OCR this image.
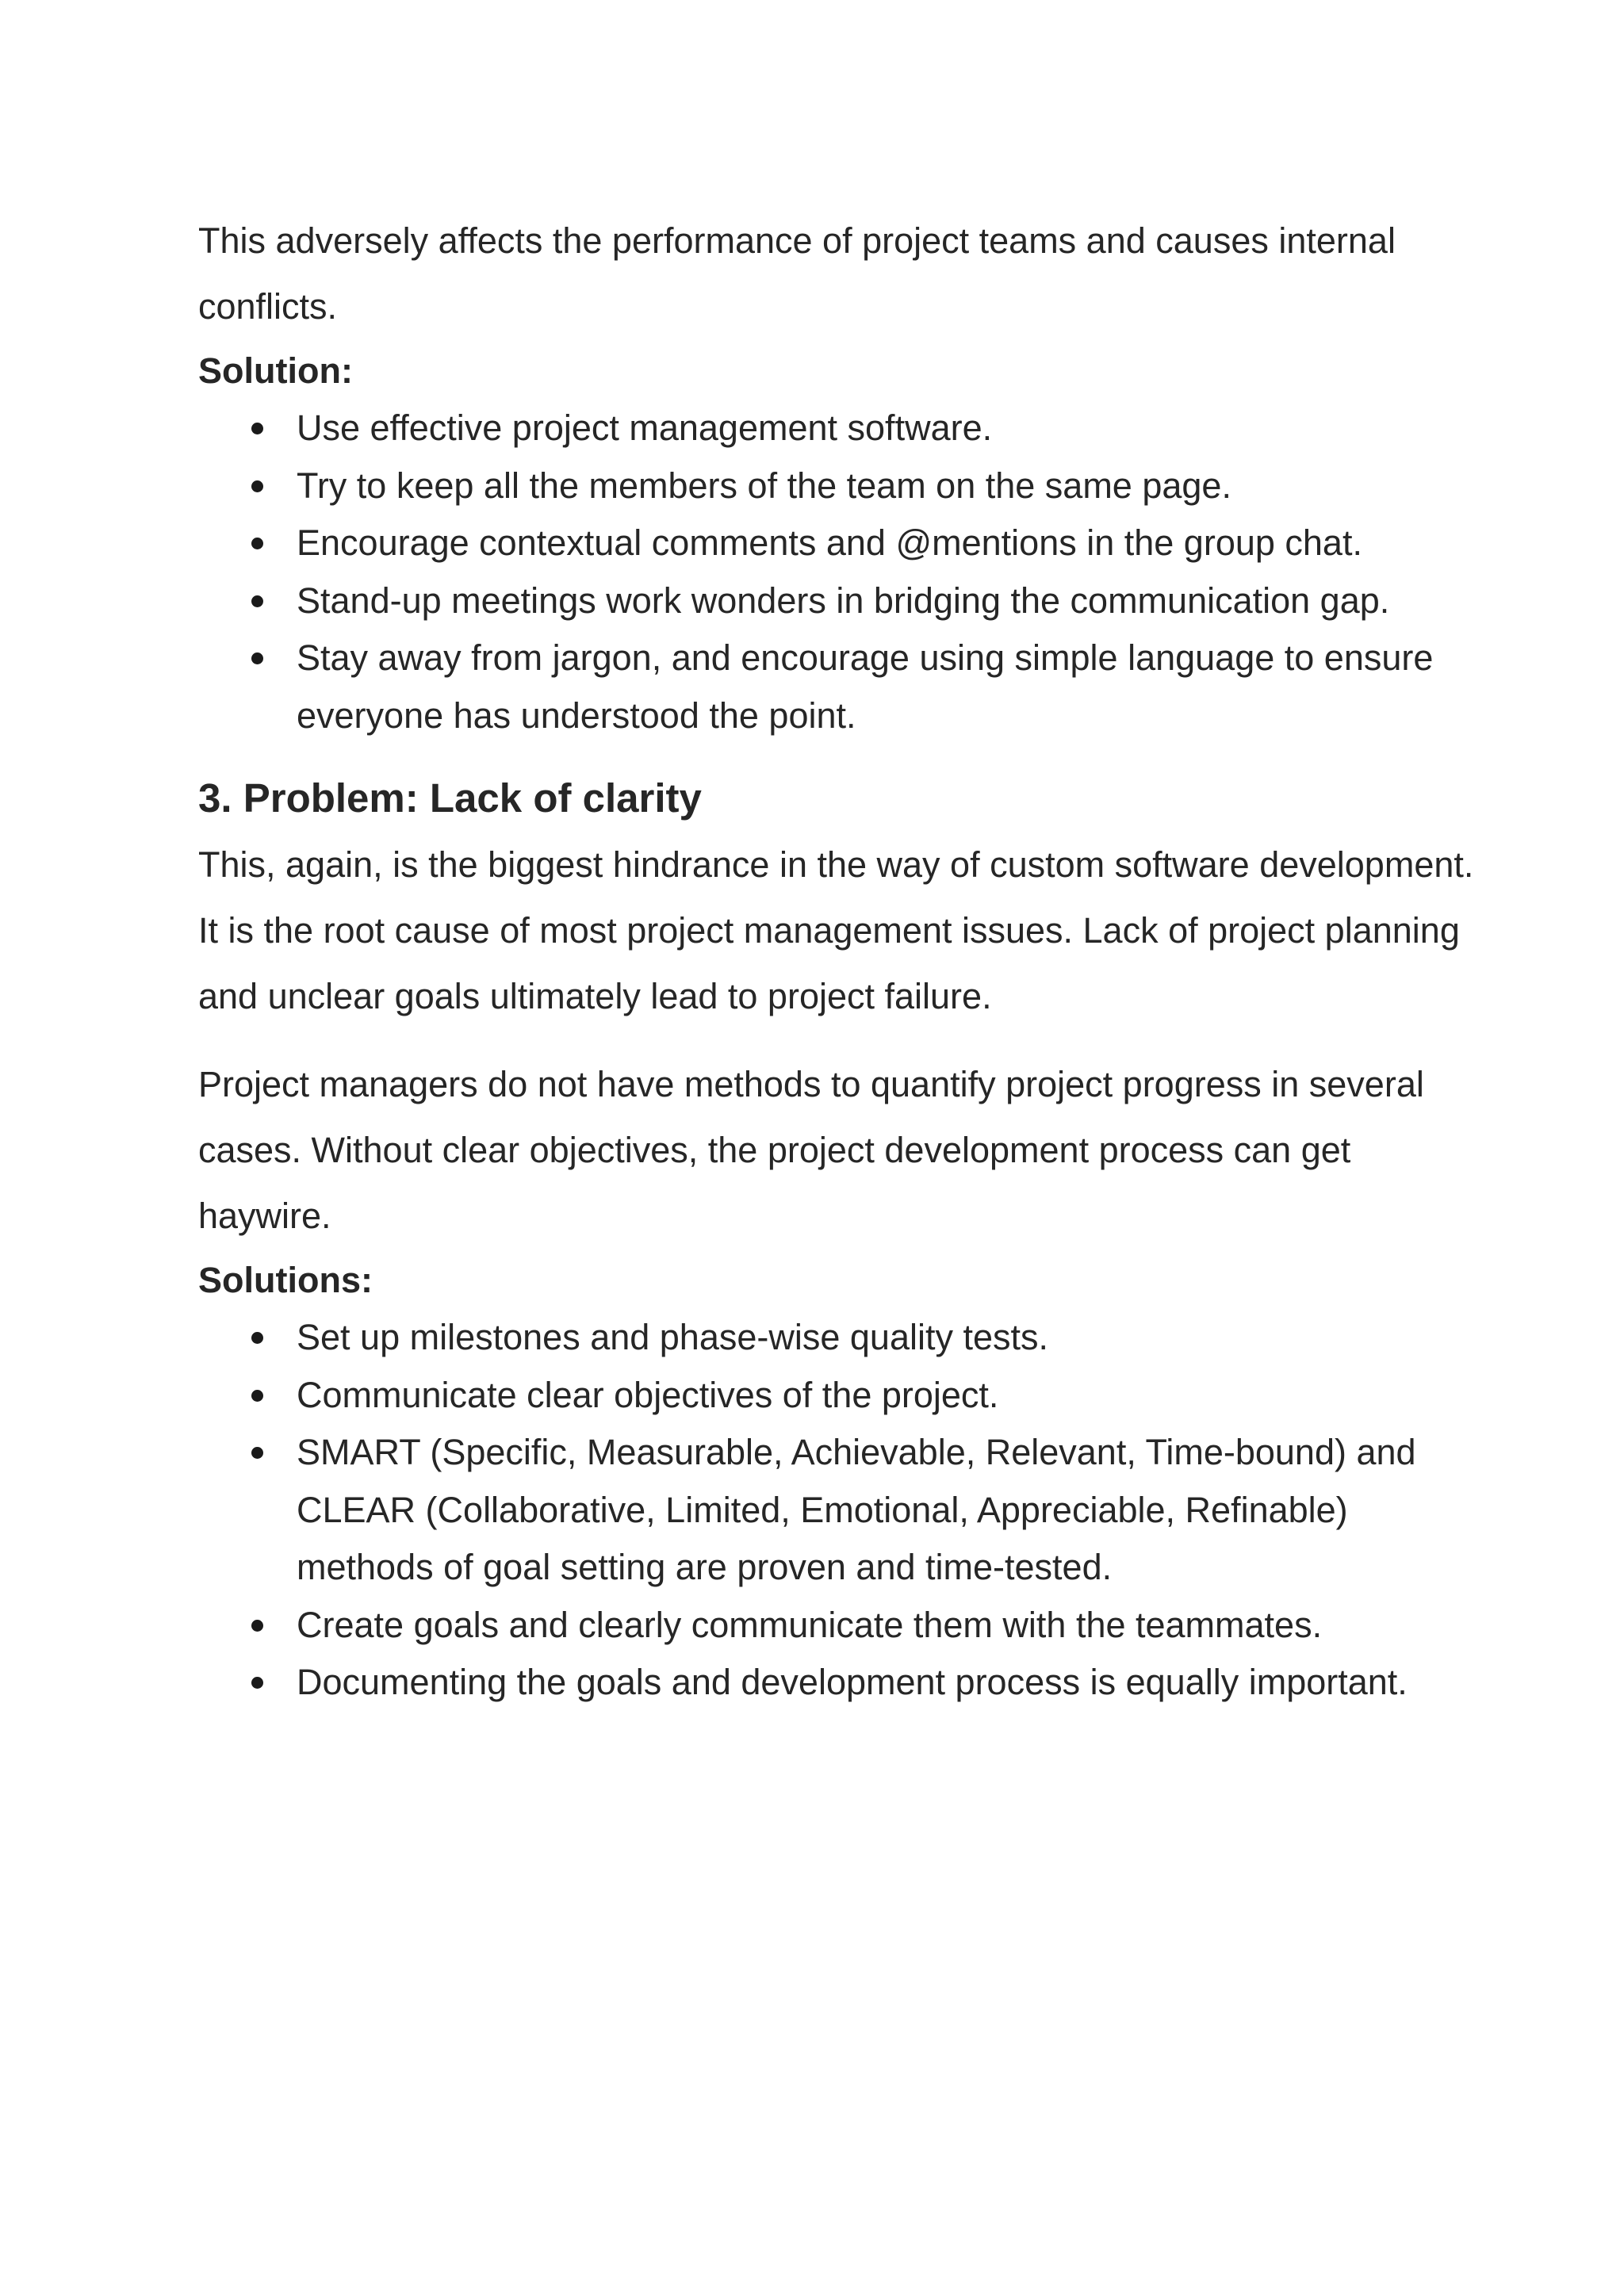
This adversely affects the performance of project teams and causes internal conflicts.

Solution:
Use effective project management software.
Try to keep all the members of the team on the same page.
Encourage contextual comments and @mentions in the group chat.
Stand-up meetings work wonders in bridging the communication gap.
Stay away from jargon, and encourage using simple language to ensure everyone has understood the point.
3. Problem: Lack of clarity

This, again, is the biggest hindrance in the way of custom software development. It is the root cause of most project management issues. Lack of project planning and unclear goals ultimately lead to project failure.

Project managers do not have methods to quantify project progress in several cases. Without clear objectives, the project development process can get haywire.

Solutions:
Set up milestones and phase-wise quality tests.
Communicate clear objectives of the project.
SMART (Specific, Measurable, Achievable, Relevant, Time-bound) and CLEAR (Collaborative, Limited, Emotional, Appreciable, Refinable) methods of goal setting are proven and time-tested.
Create goals and clearly communicate them with the teammates.
Documenting the goals and development process is equally important.
